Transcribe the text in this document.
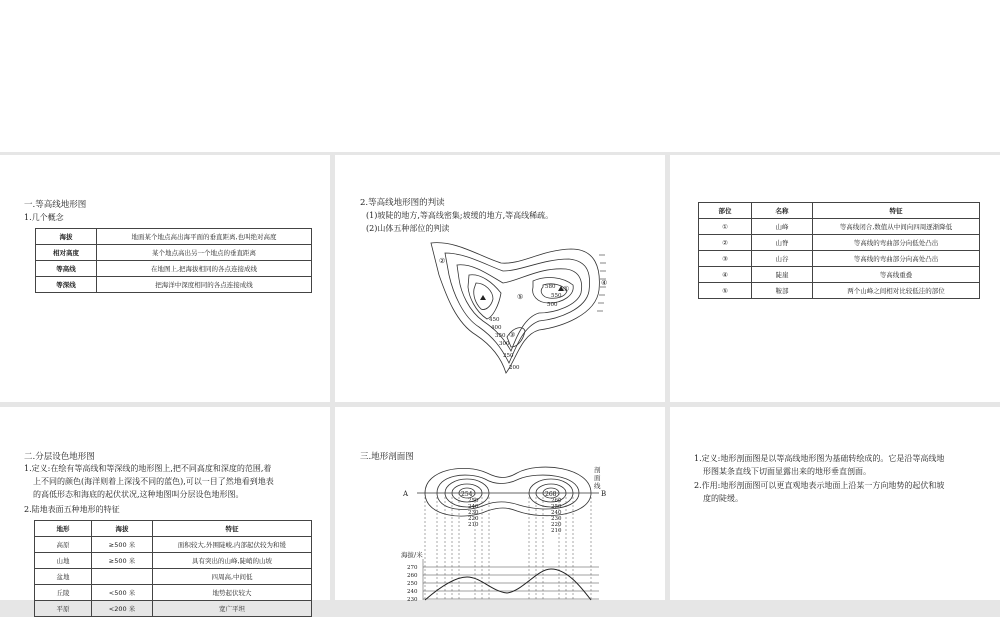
一.等高线地形图
1.几个概念
海拔	地面某个地点高出海平面的垂直距离,也叫绝对高度
相对高度	某个地点高出另一个地点的垂直距离
等高线	在地图上,把海拔相同的各点连接成线
等深线	把海洋中深度相同的各点连接成线
2.等高线地形图的判读
(1)坡陡的地方,等高线密集;坡缓的地方,等高线稀疏。
(2)山体五种部位的判读
①
②
③
④
⑤
450
400
350
300
250
200
580
550
500
部位	名称	特征
①	山峰	等高线闭合,数值从中间向四周逐渐降低
②	山脊	等高线的弯曲部分向低处凸出
③	山谷	等高线的弯曲部分向高处凸出
④	陡崖	等高线重叠
⑤	鞍部	两个山峰之间相对比较低洼的部位
二.分层设色地形图
1.定义:在绘有等高线和等深线的地形图上,把不同高度和深度的范围,着
上不同的颜色(海洋则着上深浅不同的蓝色),可以一目了然地看到地表
的高低形态和海底的起伏状况,这种地图叫分层设色地形图。
2.陆地表面五种地形的特征
地形	海拔	特征
高原	≥500 米	面积较大,外围陡峻,内部起伏较为和缓
山地	≥500 米	具有突出的山峰,陡峭的山坡
盆地		四周高,中间低
丘陵	<500 米	地势起伏较大
平原	<200 米	宽广平坦
三.地形剖面图
A	B
剖
面
线
254	268
250
240
230
220
210
260
250
240
230
220
210
海拔/米
270
260
250
240
230
1.定义:地形剖面图是以等高线地形图为基础转绘成的。它是沿等高线地
形图某条直线下切面显露出来的地形垂直剖面。
2.作用:地形剖面图可以更直观地表示地面上沿某一方向地势的起伏和坡
度的陡缓。
